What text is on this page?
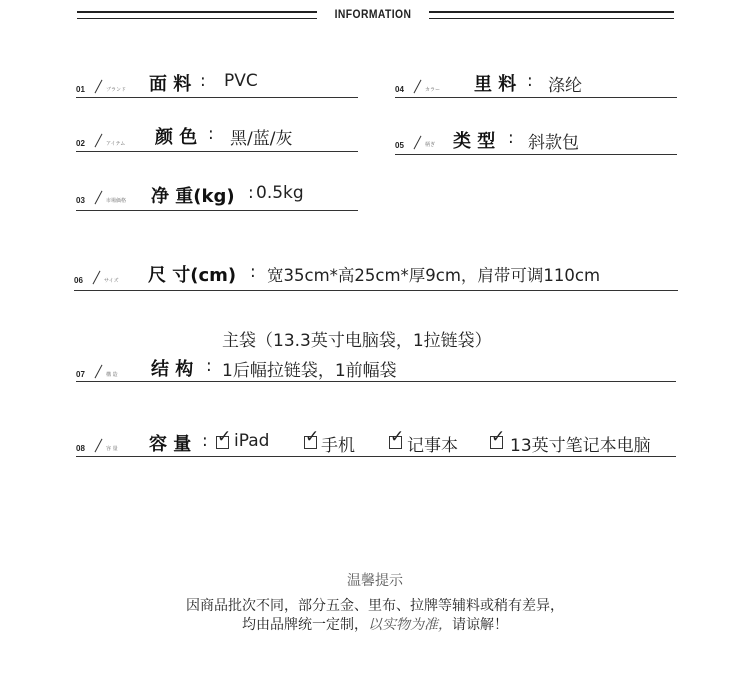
INFORMATION
01	ブランド 面 料 : PVC	04	カラー 里 料 : 涤纶
02	アイテム 颜 色 : 黑/蓝/灰	05	柄ぎ 类 型 : 斜款包
03	市場価格 净 重(kg) : 0.5kg
06	サイズ 尺 寸(cm) : 宽35cm*高25cm*厚9cm，肩带可调110cm
主袋（13.3英寸电脑袋，1拉链袋）
07	構 造 结 构 : 1后幅拉链袋，1前幅袋
08	容 量 容 量 : ✓ iPad ✓ 手机 ✓ 记事本 ✓ 13英寸笔记本电脑
温馨提示
因商品批次不同，部分五金、里布、拉牌等辅料或稍有差异，
均由品牌统一定制，以实物为准，请谅解！
